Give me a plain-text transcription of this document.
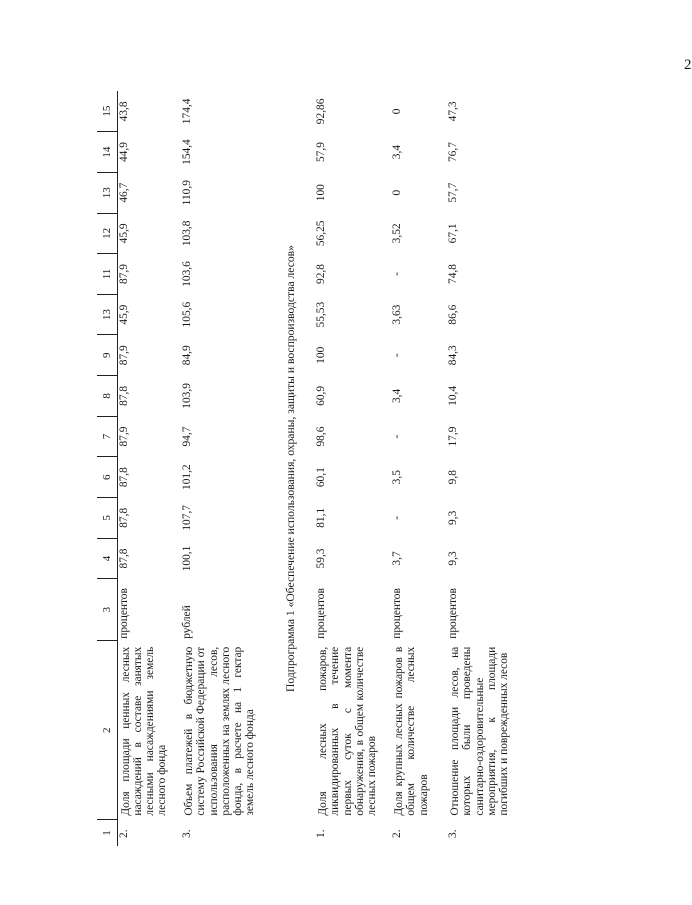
2
1	2	3	4	5	6	7	8	9	13	11	12	13	14	15
2.	Доля площади ценных лесных насаждений в составе занятых лесными насаждениями земель лесного фонда	процентов	87,8	87,8	87,8	87,9	87,8	87,9	45,9	87,9	45,9	46,7	44,9	43,8
3.	Объем платежей в бюджетную систему Российской Федерации от использования лесов, расположенных на землях лесного фонда, в расчете на 1 гектар земель лесного фонда	рублей	100,1	107,7	101,2	94,7	103,9	84,9	105,6	103,6	103,8	110,9	154,4	174,4
Подпрограмма 1 «Обеспечение использования, охраны, защиты и воспроизводства лесов»														
1.	Доля лесных пожаров, ликвидированных в течение первых суток с момента обнаружения, в общем количестве лесных пожаров	процентов	59,3	81,1	60,1	98,6	60,9	100	55,53	92,8	56,25	100	57,9	92,86
2.	Доля крупных лесных пожаров в общем количестве лесных пожаров	процентов	3,7	-	3,5	-	3,4	-	3,63	-	3,52	0	3,4	0
3.	Отношение площади лесов, на которых были проведены санитарно-оздоровительные мероприятия, к площади погибших и поврежденных лесов	процентов	9,3	9,3	9,8	17,9	10,4	84,3	86,6	74,8	67,1	57,7	76,7	47,3
